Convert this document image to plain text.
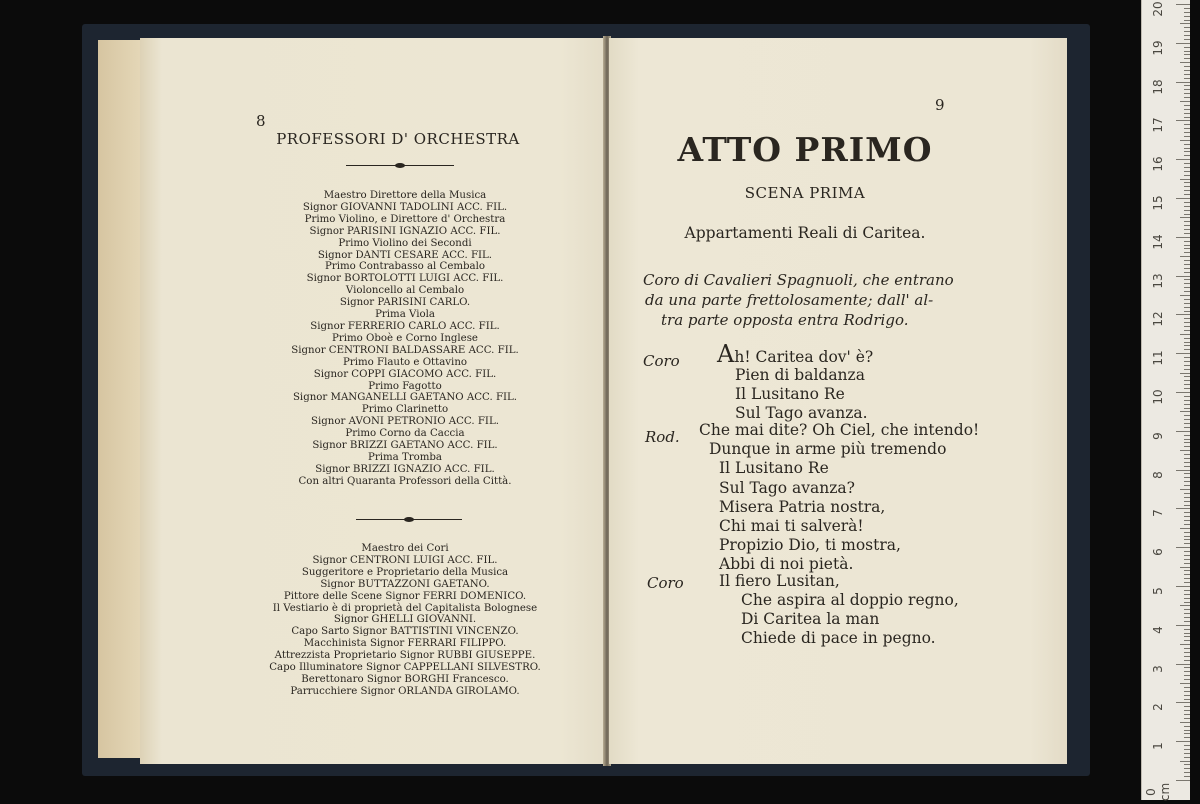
8
PROFESSORI D' ORCHESTRA
Maestro Direttore della Musica
Signor GIOVANNI TADOLINI ACC. FIL.
Primo Violino, e Direttore d' Orchestra
Signor PARISINI IGNAZIO ACC. FIL.
Primo Violino dei Secondi
Signor DANTI CESARE ACC. FIL.
Primo Contrabasso al Cembalo
Signor BORTOLOTTI LUIGI ACC. FIL.
Violoncello al Cembalo
Signor PARISINI CARLO.
Prima Viola
Signor FERRERIO CARLO ACC. FIL.
Primo Oboè e Corno Inglese
Signor CENTRONI BALDASSARE ACC. FIL.
Primo Flauto e Ottavino
Signor COPPI GIACOMO ACC. FIL.
Primo Fagotto
Signor MANGANELLI GAETANO ACC. FIL.
Primo Clarinetto
Signor AVONI PETRONIO ACC. FIL.
Primo Corno da Caccia
Signor BRIZZI GAETANO ACC. FIL.
Prima Tromba
Signor BRIZZI IGNAZIO ACC. FIL.
Con altri Quaranta Professori della Città.
Maestro dei Cori
Signor CENTRONI LUIGI ACC. FIL.
Suggeritore e Proprietario della Musica
Signor BUTTAZZONI GAETANO.
Pittore delle Scene Signor FERRI DOMENICO.
Il Vestiario è di proprietà del Capitalista Bolognese
Signor GHELLI GIOVANNI.
Capo Sarto Signor BATTISTINI VINCENZO.
Macchinista Signor FERRARI FILIPPO.
Attrezzista Proprietario Signor RUBBI GIUSEPPE.
Capo Illuminatore Signor CAPPELLANI SILVESTRO.
Berettonaro Signor BORGHI Francesco.
Parrucchiere Signor ORLANDA GIROLAMO.
9
ATTO PRIMO
SCENA PRIMA
Appartamenti Reali di Caritea.
Coro di Cavalieri Spagnuoli, che entrano
da una parte frettolosamente; dall' al-
tra parte opposta entra Rodrigo.
Coro Ah! Caritea dov' è?
Pien di baldanza
Il Lusitano Re
Sul Tago avanza.
Rod. Che mai dite? Oh Ciel, che intendo!
Dunque in arme più tremendo
Il Lusitano Re
Sul Tago avanza?
Misera Patria nostra,
Chi mai ti salverà!
Propizio Dio, ti mostra,
Abbi di noi pietà.
Coro Il fiero Lusitan,
Che aspira al doppio regno,
Di Caritea la man
Chiede di pace in pegno.
20
19
18
17
16
15
14
13
12
11
10
9
8
7
6
5
4
3
2
1
0 cm
